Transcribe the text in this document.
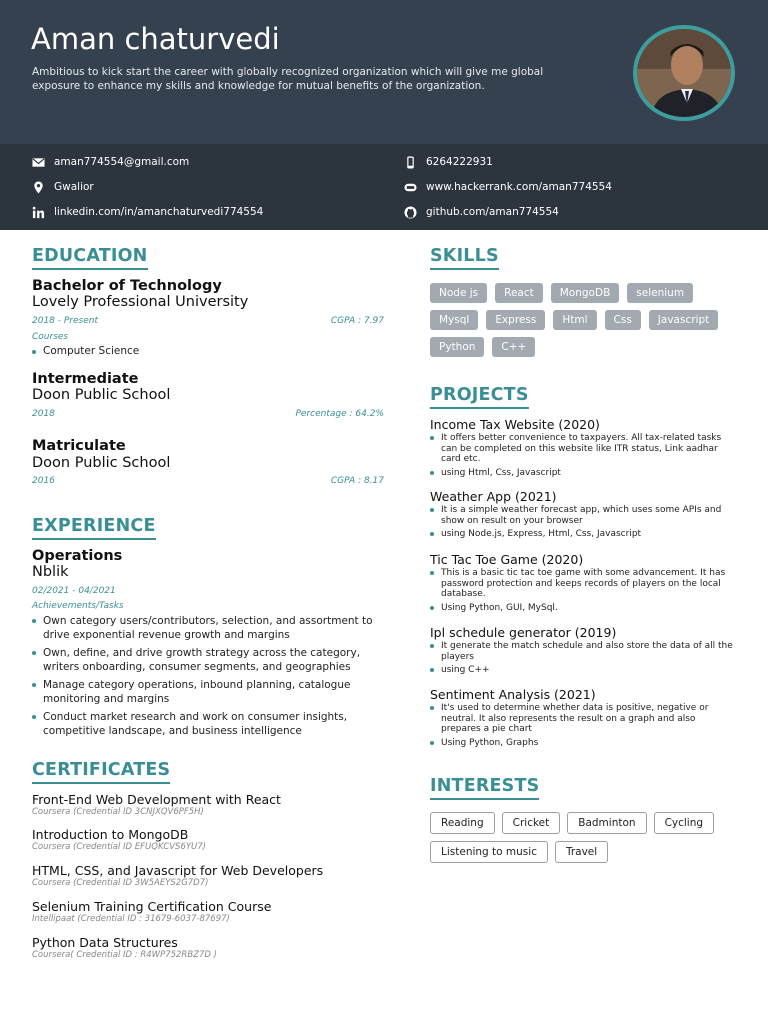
Aman chaturvedi
Ambitious to kick start the career with globally recognized organization which will give me global exposure to enhance my skills and knowledge for mutual benefits of the organization.
aman774554@gmail.com	6264222931
Gwalior	www.hackerrank.com/aman774554
linkedin.com/in/amanchaturvedi774554	github.com/aman774554
EDUCATION
Bachelor of Technology
Lovely Professional University
2018 - Present	CGPA : 7.97
Courses
Computer Science
Intermediate
Doon Public School
2018	Percentage : 64.2%
Matriculate
Doon Public School
2016	CGPA : 8.17
EXPERIENCE
Operations
Nblik
02/2021 - 04/2021
Achievements/Tasks
Own category users/contributors, selection, and assortment to drive exponential revenue growth and margins
Own, define, and drive growth strategy across the category, writers onboarding, consumer segments, and geographies
Manage category operations, inbound planning, catalogue monitoring and margins
Conduct market research and work on consumer insights, competitive landscape, and business intelligence
CERTIFICATES
Front-End Web Development with React
Coursera (Credential ID 3CNJXQV6PF5H)
Introduction to MongoDB
Coursera (Credential ID EFUQKCVS6YU7)
HTML, CSS, and Javascript for Web Developers
Coursera (Credential ID 3W5AEYS2G7D7)
Selenium Training Certification Course
Intellipaat (Credential ID : 31679-6037-87697)
Python Data Structures
Coursera( Credential ID : R4WP752RBZ7D )
SKILLS
Node js	React	MongoDB	selenium
Mysql	Express	Html	Css	Javascript
Python	C++
PROJECTS
Income Tax Website (2020)
It offers better convenience to taxpayers. All tax-related tasks can be completed on this website like ITR status, Link aadhar card etc.
using Html, Css, Javascript
Weather App (2021)
It is a simple weather forecast app, which uses some APIs and show on result on your browser
using Node.js, Express, Html, Css, Javascript
Tic Tac Toe Game (2020)
This is a basic tic tac toe game with some advancement. It has password protection and keeps records of players on the local database.
Using Python, GUI, MySql.
Ipl schedule generator (2019)
It generate the match schedule and also store the data of all the players
using C++
Sentiment Analysis (2021)
It's used to determine whether data is positive, negative or neutral. It also represents the result on a graph and also prepares a pie chart
Using Python, Graphs
INTERESTS
Reading	Cricket	Badminton	Cycling
Listening to music	Travel
